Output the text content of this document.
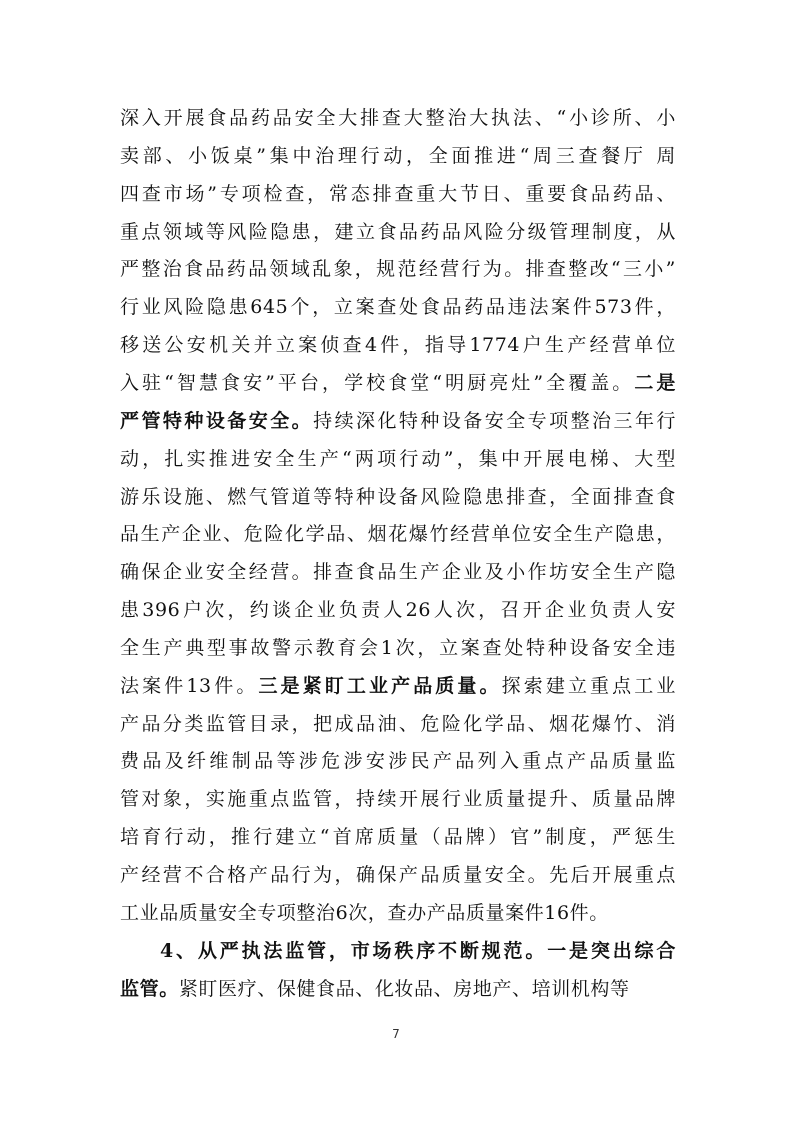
深入开展食品药品安全大排查大整治大执法、“小诊所、小
卖部、小饭桌”集中治理行动，全面推进“周三查餐厅 周
四查市场”专项检查，常态排查重大节日、重要食品药品、
重点领域等风险隐患，建立食品药品风险分级管理制度，从
严整治食品药品领域乱象，规范经营行为。排查整改“三小”
行业风险隐患645个，立案查处食品药品违法案件573件，
移送公安机关并立案侦查4件，指导1774户生产经营单位
入驻“智慧食安”平台，学校食堂“明厨亮灶”全覆盖。二是
严管特种设备安全。持续深化特种设备安全专项整治三年行
动，扎实推进安全生产“两项行动”，集中开展电梯、大型
游乐设施、燃气管道等特种设备风险隐患排查，全面排查食
品生产企业、危险化学品、烟花爆竹经营单位安全生产隐患，
确保企业安全经营。排查食品生产企业及小作坊安全生产隐
患396户次，约谈企业负责人26人次，召开企业负责人安
全生产典型事故警示教育会1次，立案查处特种设备安全违
法案件13件。三是紧盯工业产品质量。探索建立重点工业
产品分类监管目录，把成品油、危险化学品、烟花爆竹、消
费品及纤维制品等涉危涉安涉民产品列入重点产品质量监
管对象，实施重点监管，持续开展行业质量提升、质量品牌
培育行动，推行建立“首席质量（品牌）官”制度，严惩生
产经营不合格产品行为，确保产品质量安全。先后开展重点
工业品质量安全专项整治6次，查办产品质量案件16件。
4、从严执法监管，市场秩序不断规范。一是突出综合
监管。紧盯医疗、保健食品、化妆品、房地产、培训机构等
7
